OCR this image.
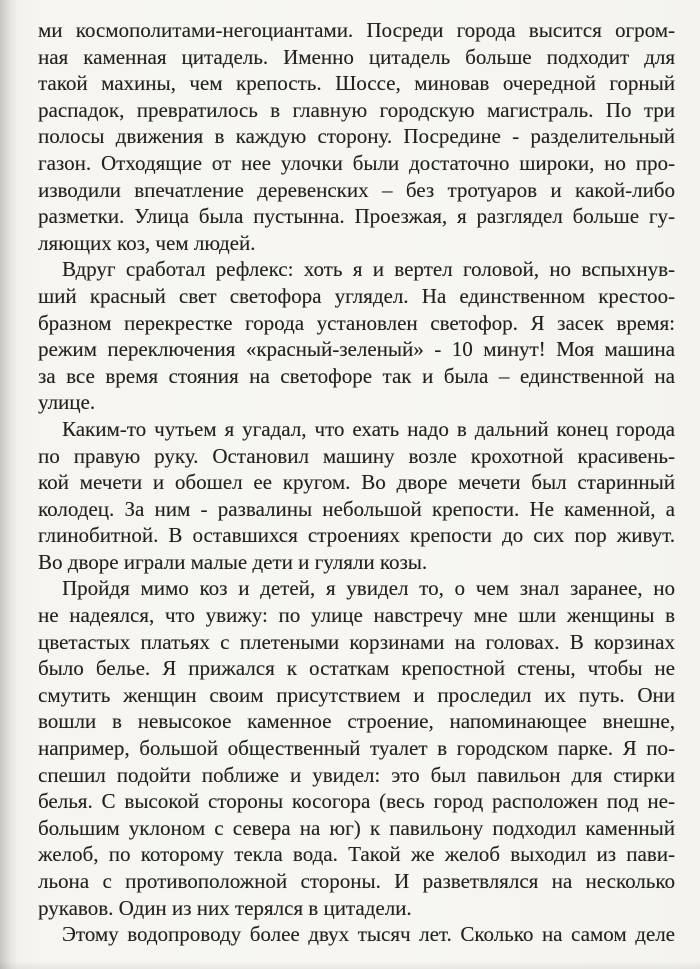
ми космополитами-негоциантами. Посреди города высится огром-
ная каменная цитадель. Именно цитадель больше подходит для
такой махины, чем крепость. Шоссе, миновав очередной горный
распадок, превратилось в главную городскую магистраль. По три
полосы движения в каждую сторону. Посредине - разделительный
газон. Отходящие от нее улочки были достаточно широки, но про-
изводили впечатление деревенских – без тротуаров и какой-либо
разметки. Улица была пустынна. Проезжая, я разглядел больше гу-
ляющих коз, чем людей.
Вдруг сработал рефлекс: хоть я и вертел головой, но вспыхнув-
ший красный свет светофора углядел. На единственном крестоо-
бразном перекрестке города установлен светофор. Я засек время:
режим переключения «красный-зеленый» - 10 минут! Моя машина
за все время стояния на светофоре так и была – единственной на
улице.
Каким-то чутьем я угадал, что ехать надо в дальний конец города
по правую руку. Остановил машину возле крохотной красивень-
кой мечети и обошел ее кругом. Во дворе мечети был старинный
колодец. За ним - развалины небольшой крепости. Не каменной, а
глинобитной. В оставшихся строениях крепости до сих пор живут.
Во дворе играли малые дети и гуляли козы.
Пройдя мимо коз и детей, я увидел то, о чем знал заранее, но
не надеялся, что увижу: по улице навстречу мне шли женщины в
цветастых платьях с плетеными корзинами на головах. В корзинах
было белье. Я прижался к остаткам крепостной стены, чтобы не
смутить женщин своим присутствием и проследил их путь. Они
вошли в невысокое каменное строение, напоминающее внешне,
например, большой общественный туалет в городском парке. Я по-
спешил подойти поближе и увидел: это был павильон для стирки
белья. С высокой стороны косогора (весь город расположен под не-
большим уклоном с севера на юг) к павильону подходил каменный
желоб, по которому текла вода. Такой же желоб выходил из пави-
льона с противоположной стороны. И разветвлялся на несколько
рукавов. Один из них терялся в цитадели.
Этому водопроводу более двух тысяч лет. Сколько на самом деле
